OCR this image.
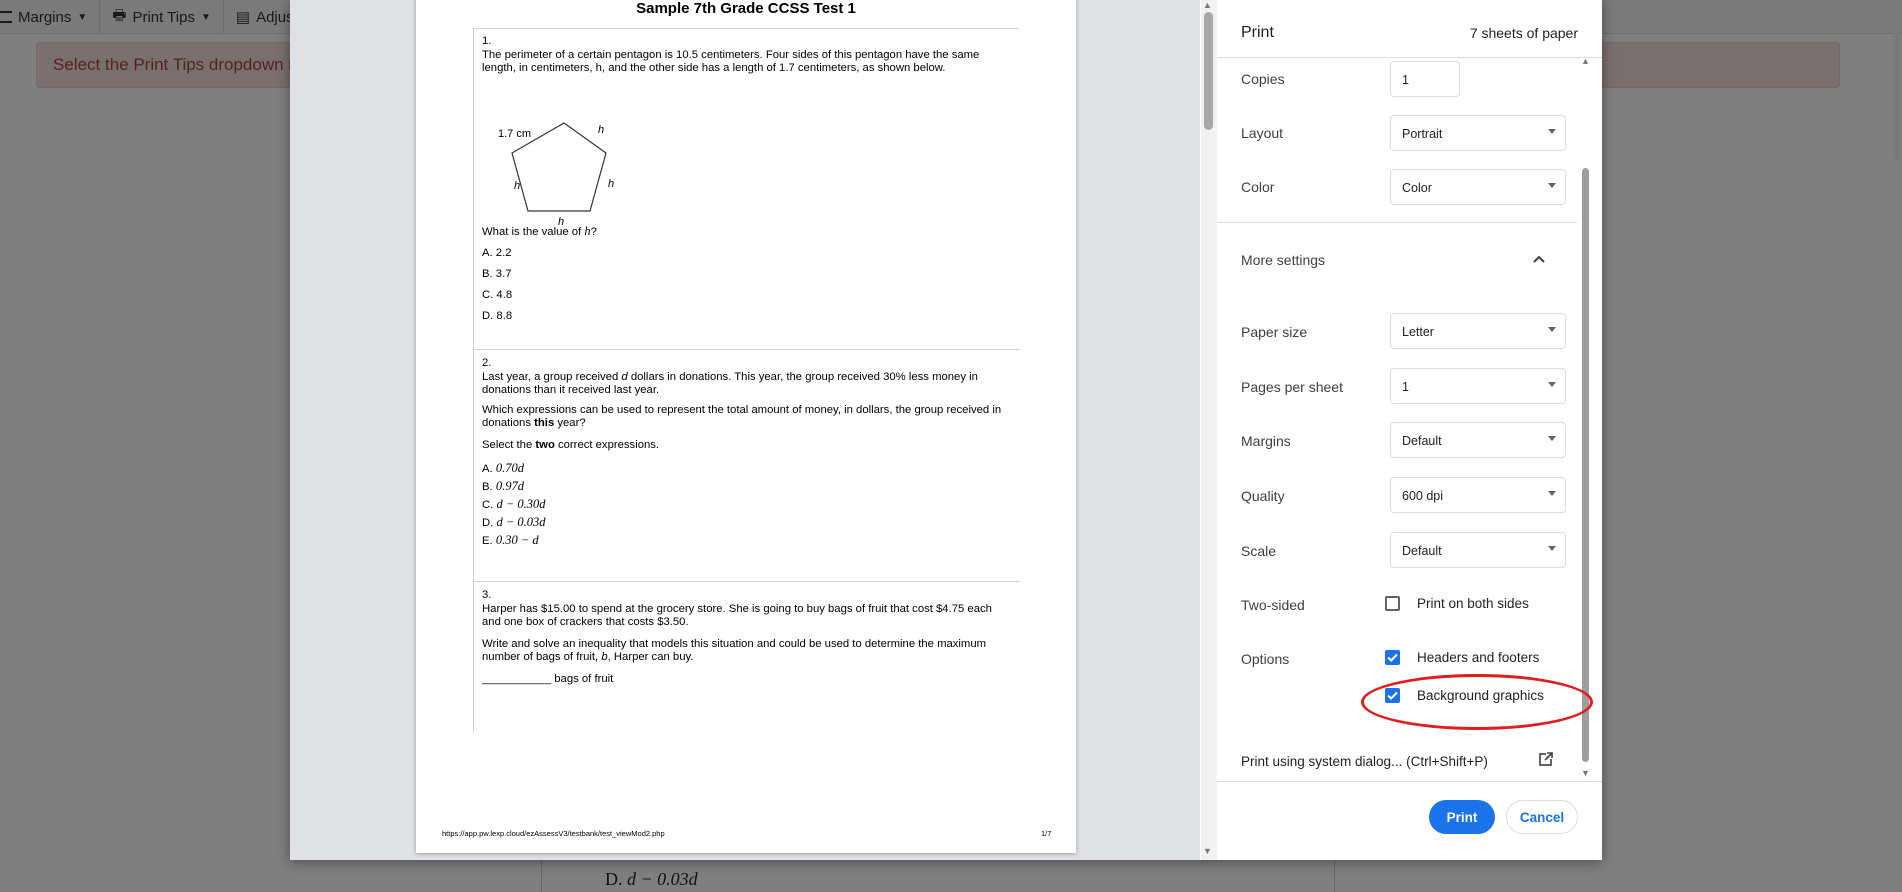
Sample 7th Grade CCSS Test 1

1.

The perimeter of a certain pentagon is 10.5 centimeters. Four sides of this pentagon have the same length, in centimeters, h, and the other side has a length of 1.7 centimeters, as shown below.

1.7 cm	h
h	h
h
What is the value of h?
A. 2.2
B. 3.7
C. 4.8
D. 8.8

2.

Last year, a group received d dollars in donations. This year, the group received 30% less money in donations than it received last year.

Which expressions can be used to represent the total amount of money, in dollars, the group received in donations this year?

Select the two correct expressions.

A. 0.70d
B. 0.97d
C. d − 0.30d
D. d − 0.03d
E. 0.30 − d

3.

Harper has $15.00 to spend at the grocery store. She is going to buy bags of fruit that cost $4.75 each and one box of crackers that costs $3.50.

Write and solve an inequality that models this situation and could be used to determine the maximum number of bags of fruit, b, Harper can buy.

___________ bags of fruit

https://app.pw.lexp.cloud/ezAssessV3/testbank/test_viewMod2.php	1/7
▲
▼
Print	7 sheets of paper
▲
▼
Copies	1
Layout	Portrait
Color	Color
More settings
Paper size	Letter
Pages per sheet	1
Margins	Default
Quality	600 dpi
Scale	Default
Two-sided
Options
Print using system dialog... (Ctrl+Shift+P)
Print on both sides
Headers and footers
Background graphics
Print	Cancel
